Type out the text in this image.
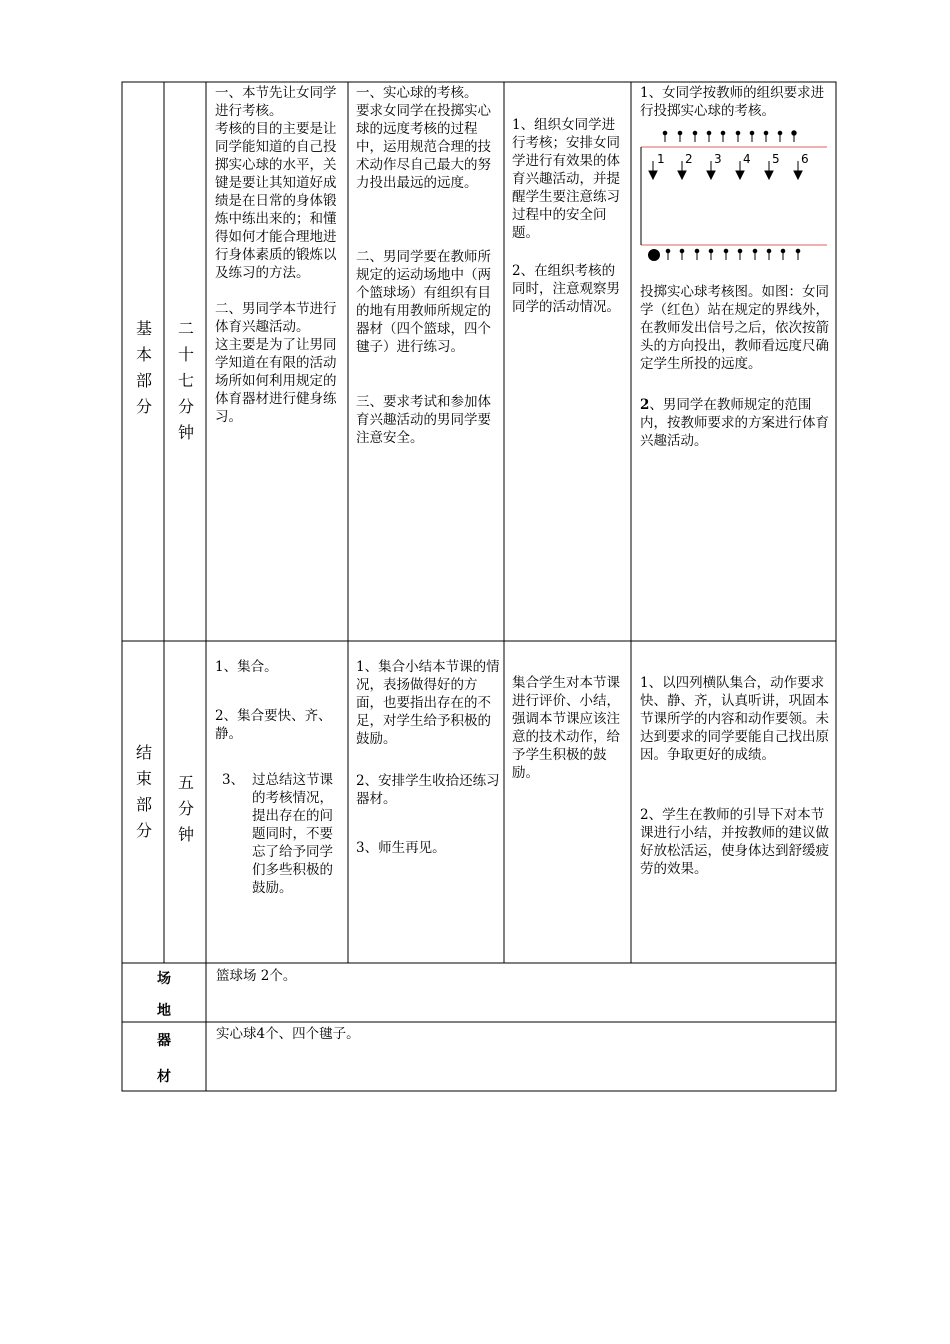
基本部分
二十七分钟
一、本节先让女同学进行考核。
考核的目的主要是让同学能知道的自己投掷实心球的水平，关键是要让其知道好成绩是在日常的身体锻炼中练出来的；和懂得如何才能合理地进行身体素质的锻炼以及练习的方法。

二、男同学本节进行体育兴趣活动。
这主要是为了让男同学知道在有限的活动场所如何利用规定的体育器材进行健身练习。
一、实心球的考核。
要求女同学在投掷实心球的远度考核的过程中，运用规范合理的技术动作尽自己最大的努力投出最远的远度。
二、男同学要在教师所规定的运动场地中（两个篮球场）有组织有目的地有用教师所规定的器材（四个篮球，四个毽子）进行练习。
三、要求考试和参加体育兴趣活动的男同学要注意安全。
1、组织女同学进行考核；安排女同学进行有效果的体育兴趣活动，并提醒学生要注意练习过程中的安全问题。
2、在组织考核的同时，注意观察男同学的活动情况。
1、女同学按教师的组织要求进行投掷实心球的考核。
1 2 3 4 5 6
投掷实心球考核图。如图：女同学（红色）站在规定的界线外，在教师发出信号之后，依次按箭头的方向投出，教师看远度尺确定学生所投的远度。
2、男同学在教师规定的范围内，按教师要求的方案进行体育兴趣活动。
结束部分
五分钟
1、集合。
2、集合要快、齐、
静。
3、 过总结这节课的考核情况，提出存在的问题同时，不要忘了给予同学们多些积极的鼓励。
1、集合小结本节课的情况，表扬做得好的方面，也要指出存在的不足，对学生给予积极的鼓励。
2、安排学生收拾还练习器材。
3、师生再见。
集合学生对本节课进行评价、小结，强调本节课应该注意的技术动作，给予学生积极的鼓励。
1、以四列横队集合，动作要求快、静、齐，认真听讲，巩固本节课所学的内容和动作要领。未达到要求的同学要能自己找出原因。争取更好的成绩。
2、学生在教师的引导下对本节课进行小结，并按教师的建议做好放松活运，使身体达到舒缓疲劳的效果。
场
地
篮球场 2个。
器
材
实心球4个、四个毽子。
